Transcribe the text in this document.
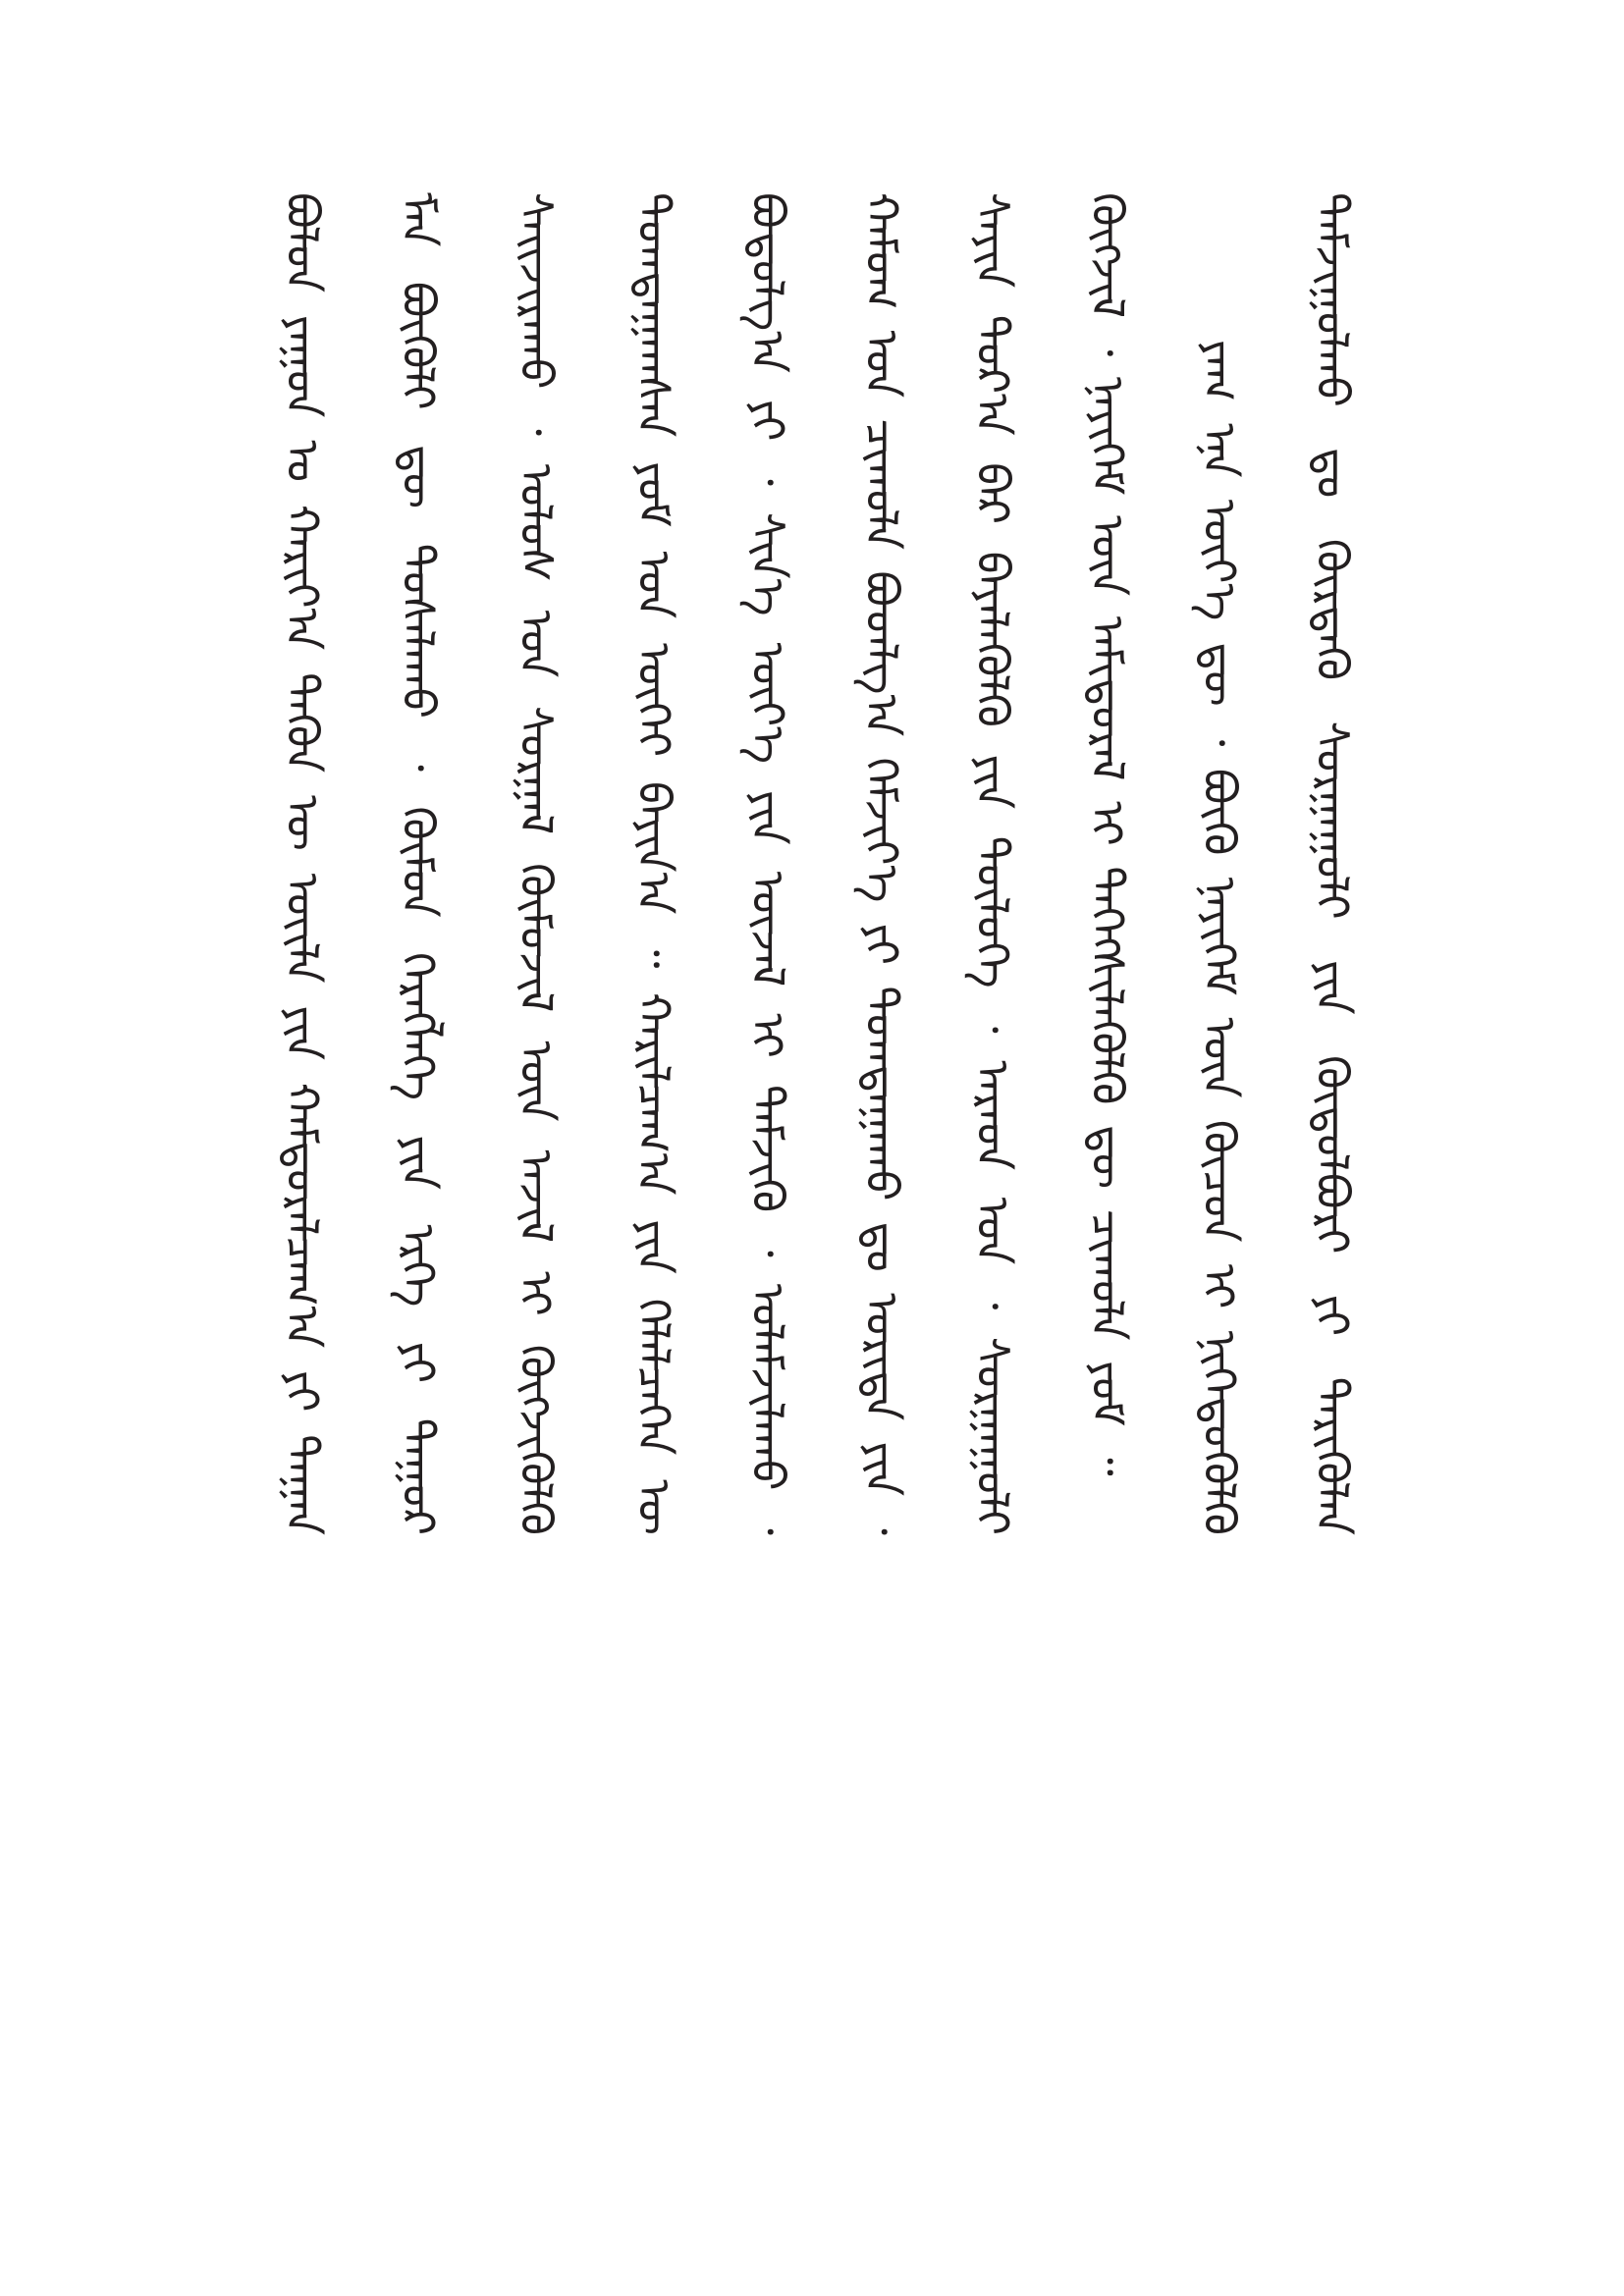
ᠪᠣᠯᠤᠨ ᠶᠠᠭᠤᠨ ᠤ ᠬᠠᠷᠢᠶ᠎ᠠ ᠲᠡᠭᠦᠨ ᠦ ᠦᠢᠯᠡ ᠶᠢᠨ ᠬᠠᠮᠲᠤᠷᠠᠯᠴᠠᠭ᠎ᠠ ᠶᠢ ᠳᠠᠭᠠᠨ	ᠮᠠᠨ ᠪᠦᠬᠦᠯᠢ ᠳᠦ ᠲᠤᠰᠠᠯᠠᠬᠤ ᠂ ᠬᠦᠮᠦᠨ ᠬᠡᠷᠡᠭᠯᠡᠭᠡ ᠶᠢᠨ ᠡᠷᠬᠡ ᠶᠢ ᠳᠠᠭᠤᠷ	ᠰᠠᠢᠵᠢᠷᠠᠬᠤ ᠂ ᠤᠯᠤᠰ ᠤᠨ ᠰᠤᠷᠭᠠᠯ ᠬᠦᠮᠦᠵᠢᠯ ᠦᠨ ᠠᠵᠢᠯ ᠢ ᠬᠦᠭᠵᠢᠭᠦᠯᠬᠦ
ᠲᠣᠭᠲᠠᠭᠠᠭᠰᠠᠨ ᠶᠤᠮ ᠣᠨ ᠦᠭᠡᠢ ᠪᠠᠶᠢᠨ᠎ᠠ ᠃ ᠬᠠᠷᠢᠯᠴᠠᠭ᠎ᠠ ᠶᠢᠨ ᠬᠡᠯᠡᠯᠴᠡᠭᠡᠨ ᠦ	ᠪᠣᠳᠣᠯᠭ᠎ᠠ ᠶᠢ ᠂ ᠰᠢᠨ᠎ᠡ ᠦᠶ᠎ᠡ ᠶᠢᠨ ᠦᠵᠡᠯ ᠢ ᠳᠡᠮᠵᠢᠬᠦ ᠂ ᠤᠯᠠᠮᠵᠢᠯᠠᠬᠤ ᠂	ᠬᠠᠮᠤᠭ ᠤᠨ ᠴᠢᠬᠤᠯᠠ ᠪᠣᠳᠯᠭ᠎ᠠ ᠬᠡᠮᠵᠢᠶ᠎ᠡ ᠶᠢ ᠲᠣᠭᠲᠠᠭᠠᠬᠤ ᠳᠤ ᠤᠷᠢᠳᠠ ᠶᠢᠨ ᠂	ᠰᠠᠶᠢᠨ ᠳᠤᠷ᠎ᠠ ᠪᠠᠷ ᠪᠡᠶᠡᠯᠡᠭᠦᠯᠬᠦ ᠶᠢᠨ ᠲᠥᠯᠥᠭᠡ ᠂ ᠠᠷᠠᠳ ᠤᠨ ᠂ ᠰᠤᠷᠭᠠᠭᠤᠯᠢ	ᠬᠥᠭᠵᠢᠯ ᠂ ᠨᠡᠶᠢᠭᠡᠮ ᠦᠨ ᠠᠮᠢᠳᠤᠷᠠᠯ ᠢ ᠳᠡᠭᠡᠭᠰᠢᠯᠡᠭᠦᠯᠬᠦ ᠳᠦ ᠴᠢᠬᠤᠯᠠ ᠶᠤᠮ ᠃	ᠶᠠᠭ ᠡᠨᠡ ᠦᠶ᠎ᠡ ᠳᠦ ᠂ ᠪᠦᠬᠦ ᠨᠡᠶᠢᠭᠡᠮ ᠦᠨ ᠬᠦᠴᠦᠨ ᠢ ᠨᠢᠭᠡᠳᠦᠭᠦᠯᠬᠦ	ᠳᠠᠮᠵᠢᠭᠤᠯᠬᠤ ᠳᠤ ᠬᠦᠷᠳᠡᠬᠦ ᠰᠤᠷᠭᠠᠭᠤᠯᠢ ᠶᠢᠨ ᠬᠥᠲᠦᠯᠪᠦᠷᠢ ᠶᠢ ᠲᠡᠷᠢᠭᠦᠯᠡᠨ
